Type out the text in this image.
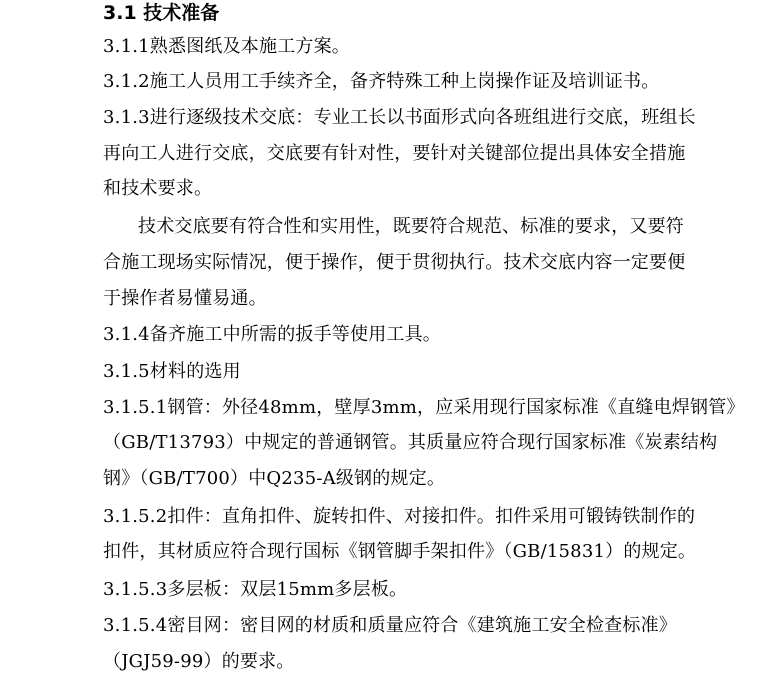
3.1 技术准备
3.1.1熟悉图纸及本施工方案。
3.1.2施工人员用工手续齐全，备齐特殊工种上岗操作证及培训证书。
3.1.3进行逐级技术交底：专业工长以书面形式向各班组进行交底，班组长
再向工人进行交底，交底要有针对性，要针对关键部位提出具体安全措施
和技术要求。
技术交底要有符合性和实用性，既要符合规范、标准的要求，又要符
合施工现场实际情况，便于操作，便于贯彻执行。技术交底内容一定要便
于操作者易懂易通。
3.1.4备齐施工中所需的扳手等使用工具。
3.1.5材料的选用
3.1.5.1钢管：外径48mm，壁厚3mm，应采用现行国家标准《直缝电焊钢管》
（GB/T13793）中规定的普通钢管。其质量应符合现行国家标准《炭素结构
钢》（GB/T700）中Q235-A级钢的规定。
3.1.5.2扣件：直角扣件、旋转扣件、对接扣件。扣件采用可锻铸铁制作的
扣件，其材质应符合现行国标《钢管脚手架扣件》（GB/15831）的规定。
3.1.5.3多层板：双层15mm多层板。
3.1.5.4密目网：密目网的材质和质量应符合《建筑施工安全检查标准》
（JGJ59-99）的要求。
